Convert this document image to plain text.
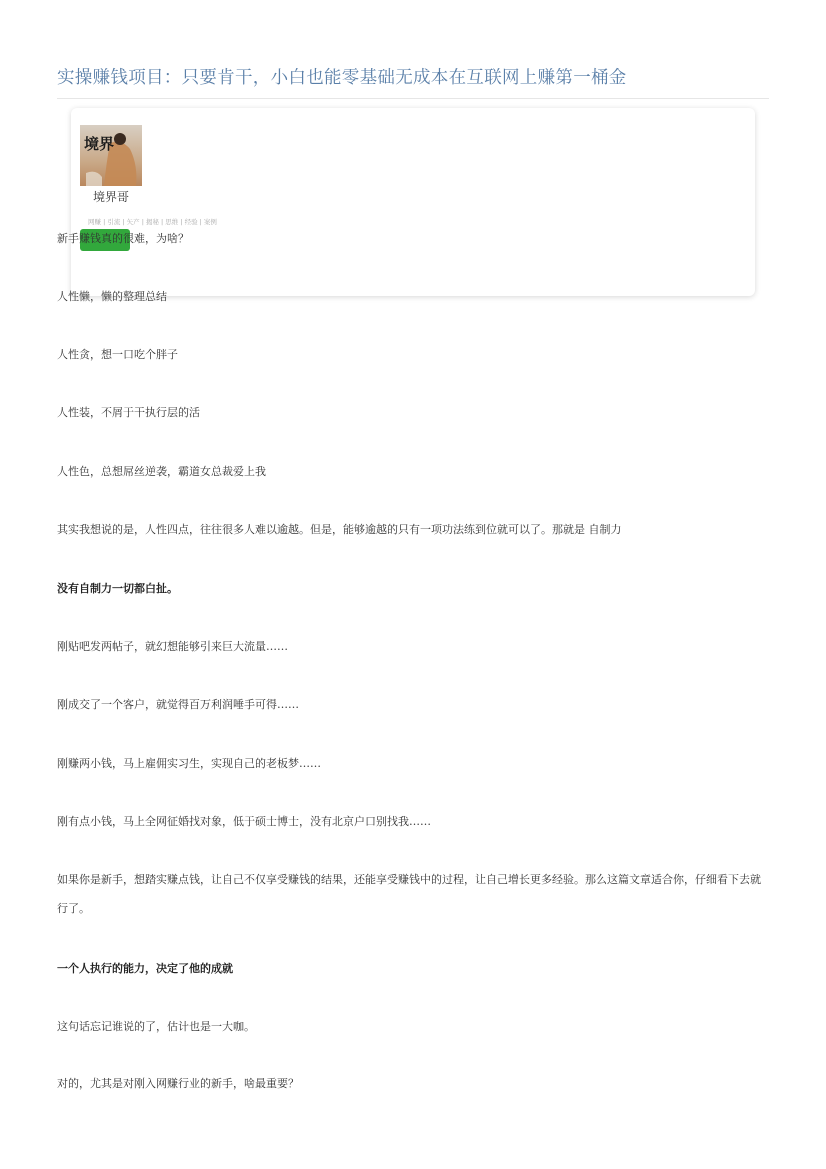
实操赚钱项目：只要肯干，小白也能零基础无成本在互联网上赚第一桶金
境界
境界哥
网赚 | 引流 | 矢产 | 揭秘 | 思维 | 经验 | 案例
新手赚钱真的很难，为啥？
人性懒，懒的整理总结
人性贪，想一口吃个胖子
人性装，不屑于干执行层的活
人性色，总想屌丝逆袭，霸道女总裁爱上我
其实我想说的是，人性四点，往往很多人难以逾越。但是，能够逾越的只有一项功法练到位就可以了。那就是 自制力
没有自制力一切都白扯。
刚贴吧发两帖子，就幻想能够引来巨大流量……
刚成交了一个客户，就觉得百万利润唾手可得……
刚赚两小钱，马上雇佣实习生，实现自己的老板梦……
刚有点小钱，马上全网征婚找对象，低于硕士博士，没有北京户口别找我……
如果你是新手，想踏实赚点钱，让自己不仅享受赚钱的结果，还能享受赚钱中的过程，让自己增长更多经验。那么这篇文章适合你，仔细看下去就行了。
一个人执行的能力，决定了他的成就
这句话忘记谁说的了，估计也是一大咖。
对的，尤其是对刚入网赚行业的新手，啥最重要？
